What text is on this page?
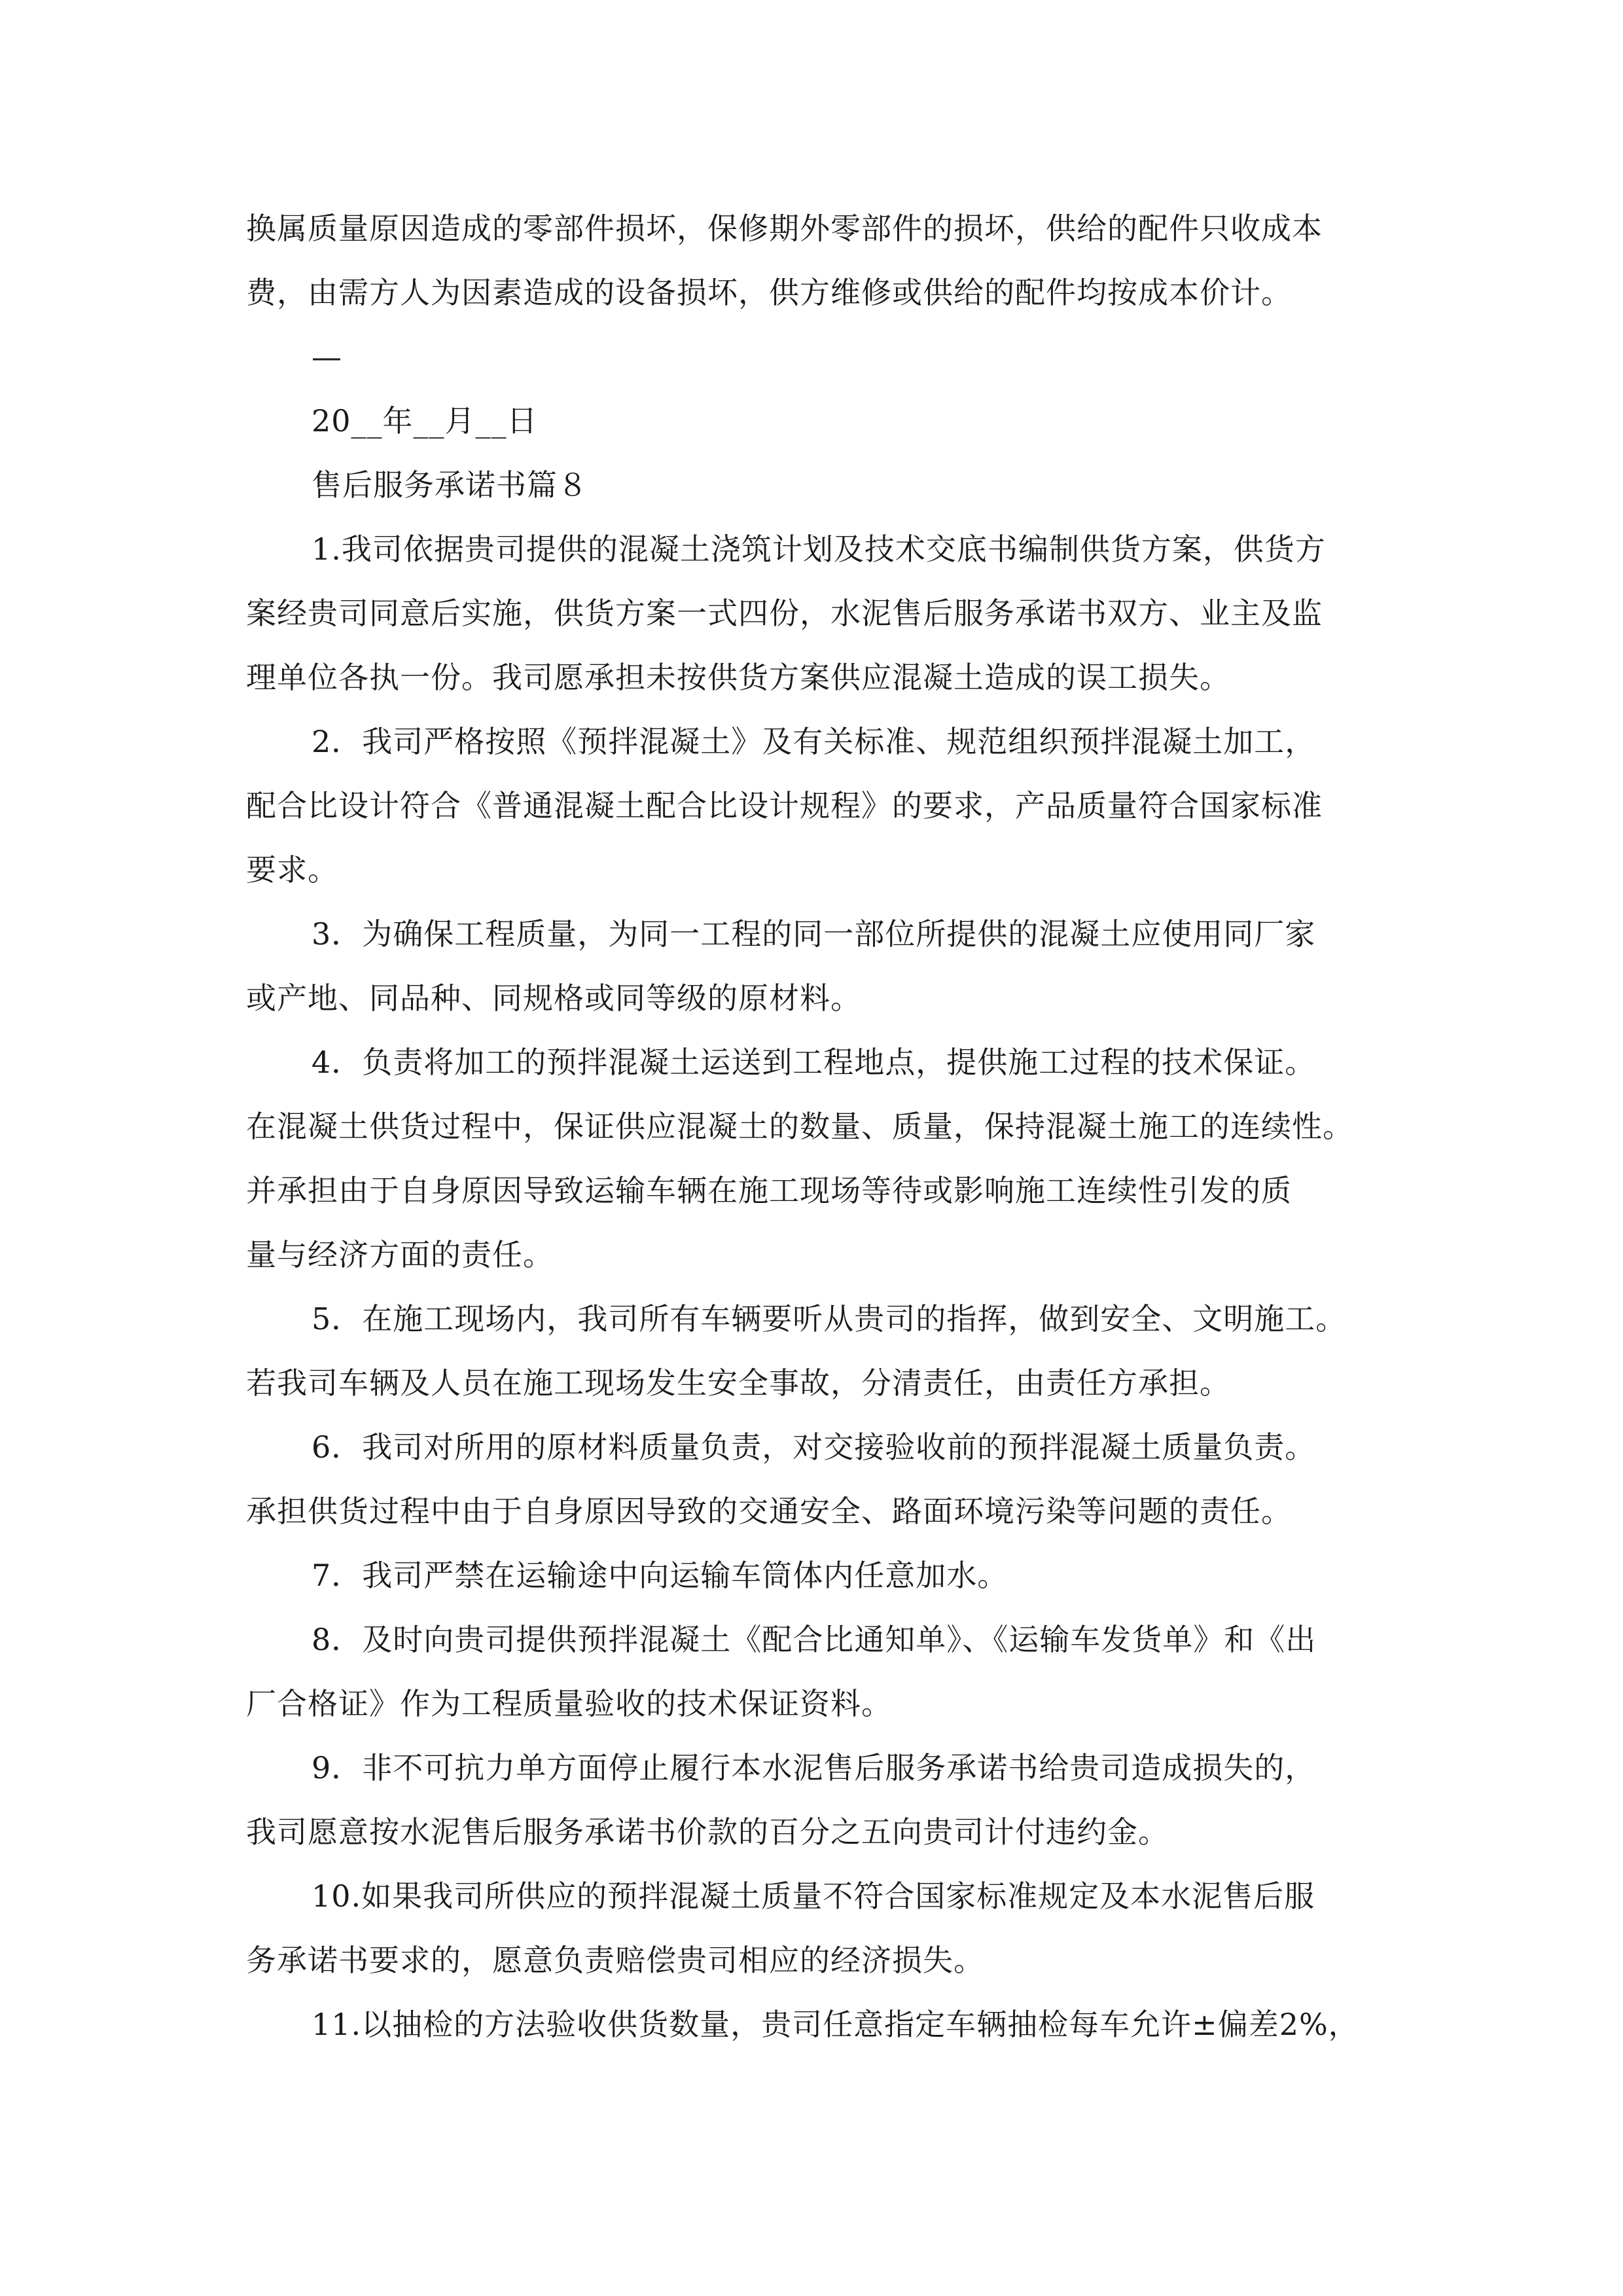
换属质量原因造成的零部件损坏，保修期外零部件的损坏，供给的配件只收成本
费，由需方人为因素造成的设备损坏，供方维修或供给的配件均按成本价计。
—
20__年__月__日
售后服务承诺书篇８
1.我司依据贵司提供的混凝土浇筑计划及技术交底书编制供货方案，供货方
案经贵司同意后实施，供货方案一式四份，水泥售后服务承诺书双方、业主及监
理单位各执一份。我司愿承担未按供货方案供应混凝土造成的误工损失。
2．我司严格按照《预拌混凝土》及有关标准、规范组织预拌混凝土加工，
配合比设计符合《普通混凝土配合比设计规程》的要求，产品质量符合国家标准
要求。
3．为确保工程质量，为同一工程的同一部位所提供的混凝土应使用同厂家
或产地、同品种、同规格或同等级的原材料。
4．负责将加工的预拌混凝土运送到工程地点，提供施工过程的技术保证。
在混凝土供货过程中，保证供应混凝土的数量、质量，保持混凝土施工的连续性。
并承担由于自身原因导致运输车辆在施工现场等待或影响施工连续性引发的质
量与经济方面的责任。
5．在施工现场内，我司所有车辆要听从贵司的指挥，做到安全、文明施工。
若我司车辆及人员在施工现场发生安全事故，分清责任，由责任方承担。
6．我司对所用的原材料质量负责，对交接验收前的预拌混凝土质量负责。
承担供货过程中由于自身原因导致的交通安全、路面环境污染等问题的责任。
7．我司严禁在运输途中向运输车筒体内任意加水。
8．及时向贵司提供预拌混凝土《配合比通知单》、《运输车发货单》和《出
厂合格证》作为工程质量验收的技术保证资料。
9．非不可抗力单方面停止履行本水泥售后服务承诺书给贵司造成损失的，
我司愿意按水泥售后服务承诺书价款的百分之五向贵司计付违约金。
10.如果我司所供应的预拌混凝土质量不符合国家标准规定及本水泥售后服
务承诺书要求的，愿意负责赔偿贵司相应的经济损失。
11.以抽检的方法验收供货数量，贵司任意指定车辆抽检每车允许±偏差2%，
